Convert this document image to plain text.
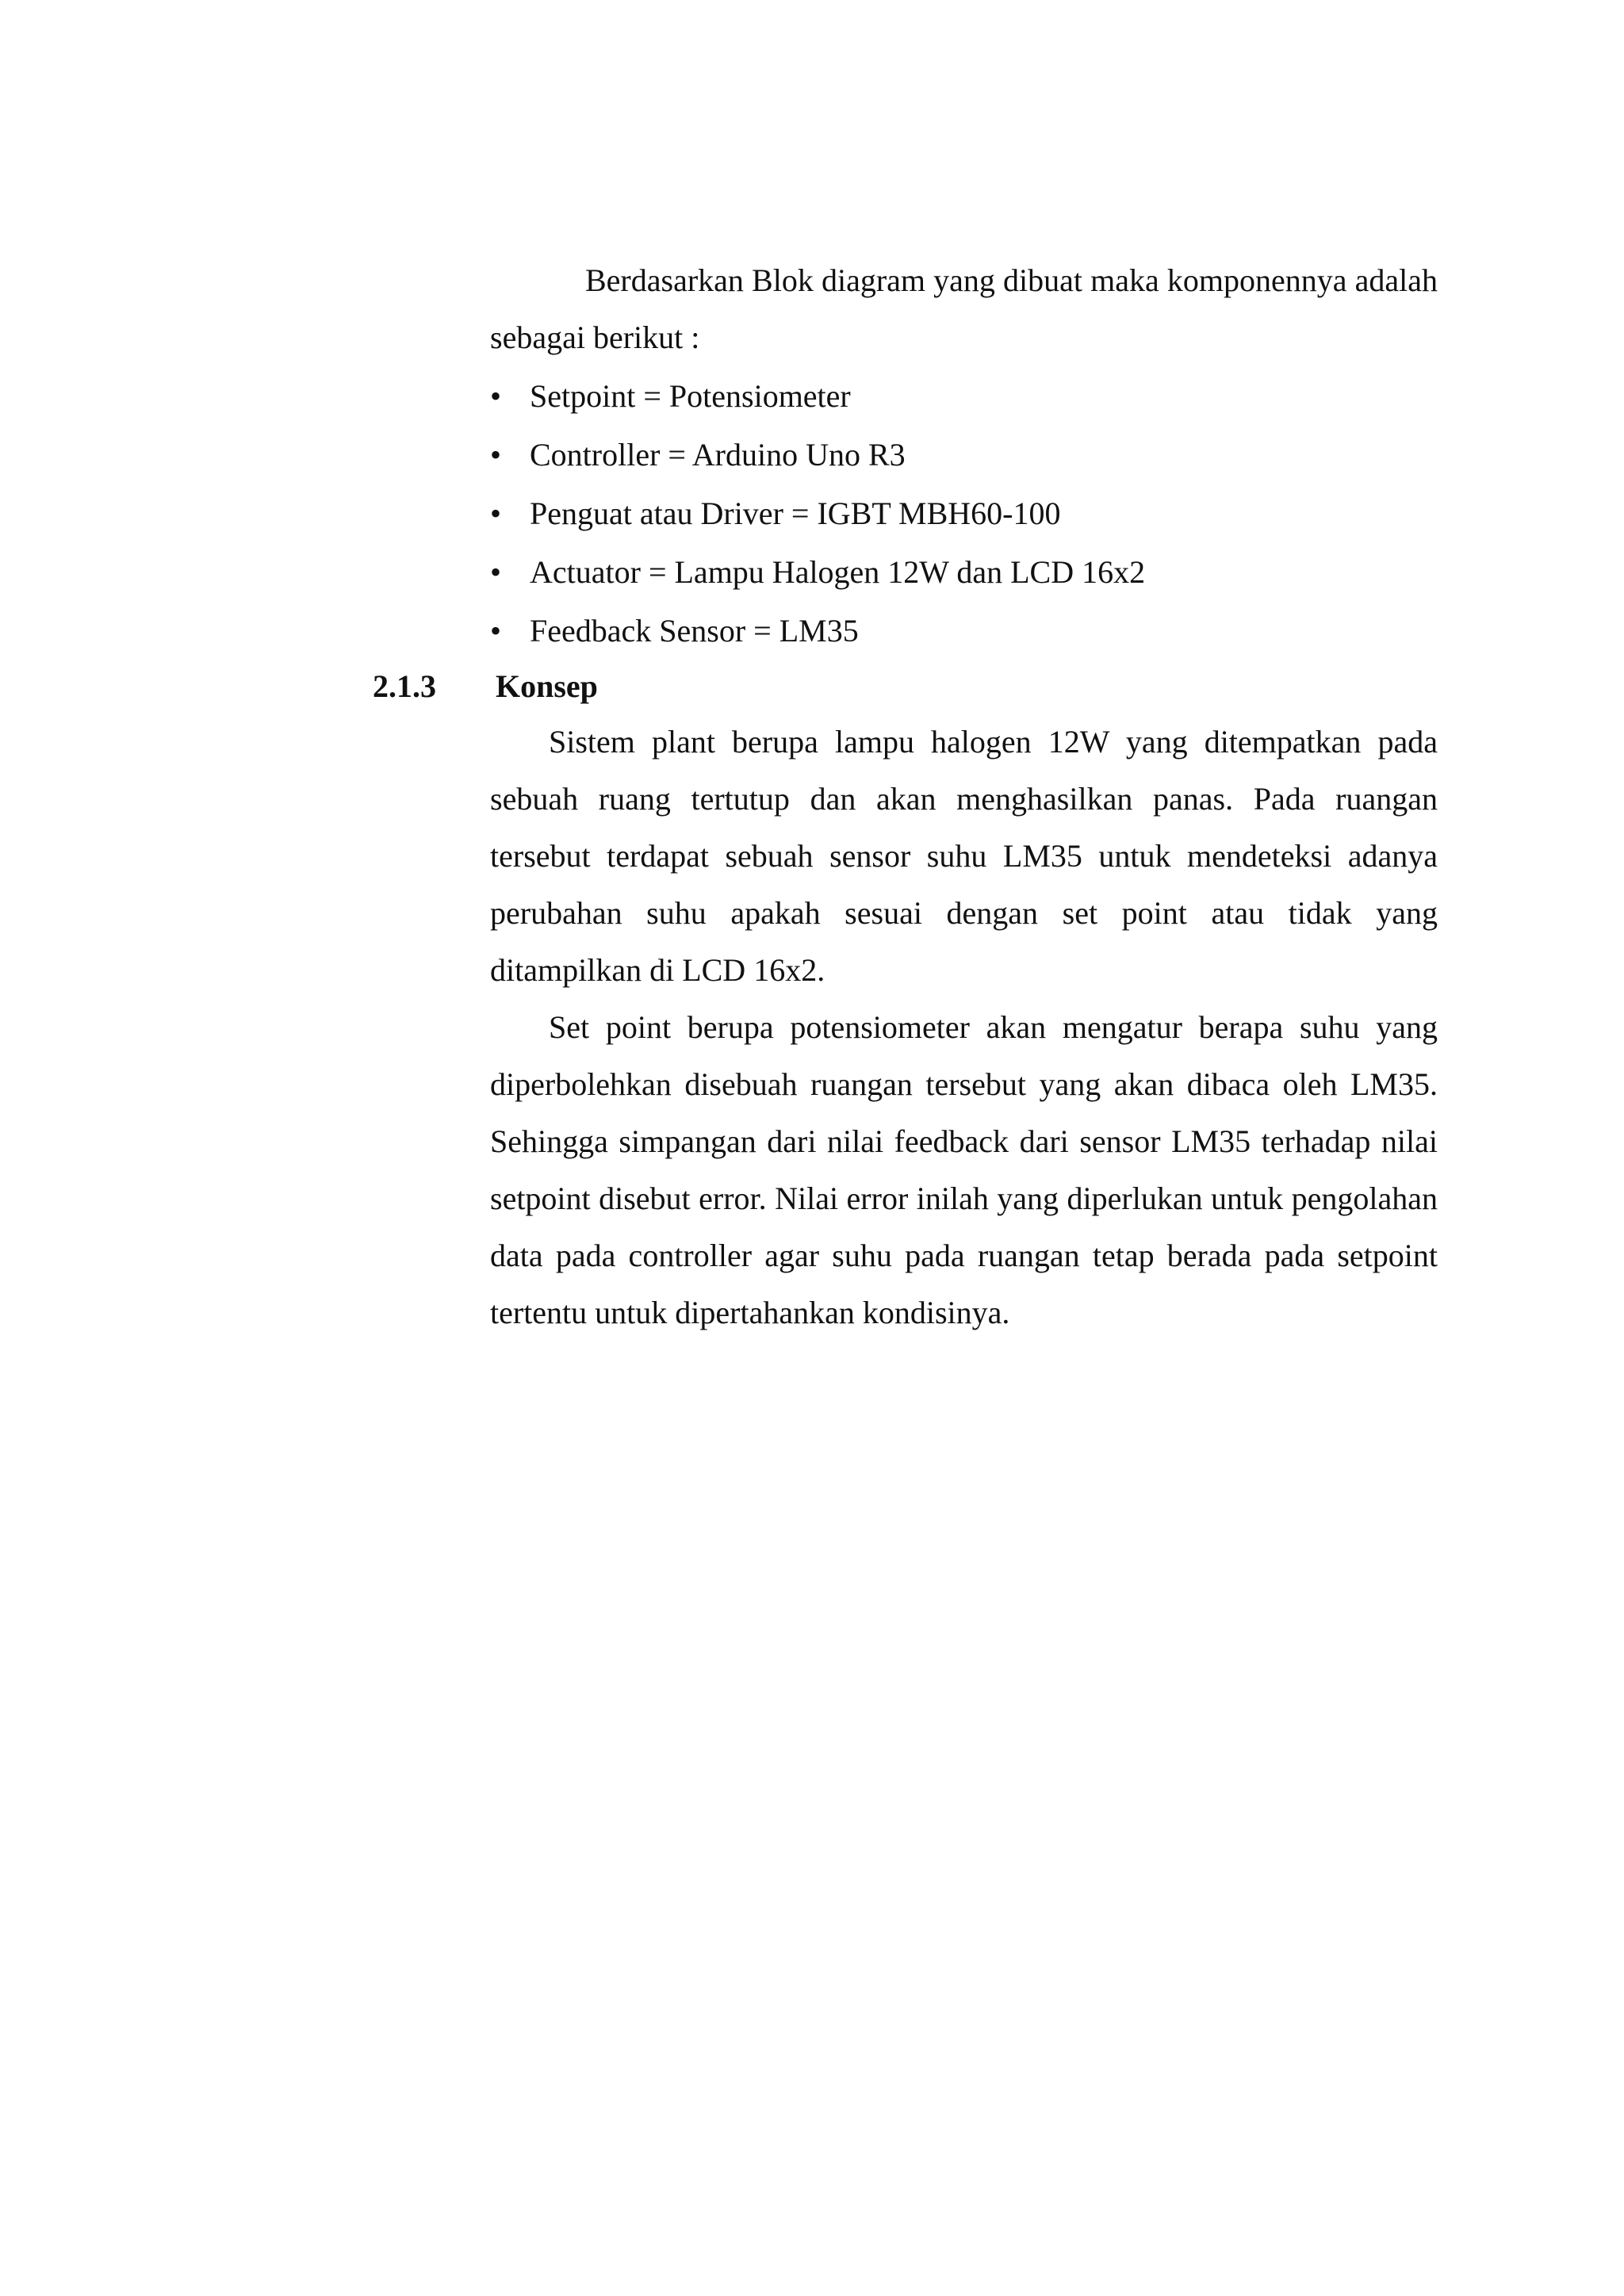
Berdasarkan Blok diagram yang dibuat maka komponennya adalah sebagai berikut :

• Setpoint = Potensiometer
• Controller = Arduino Uno R3
• Penguat atau Driver = IGBT MBH60-100
• Actuator = Lampu Halogen 12W dan LCD 16x2
• Feedback Sensor = LM35
2.1.3 Konsep

Sistem plant berupa lampu halogen 12W yang ditempatkan pada sebuah ruang tertutup dan akan menghasilkan panas. Pada ruangan tersebut terdapat sebuah sensor suhu LM35 untuk mendeteksi adanya perubahan suhu apakah sesuai dengan set point atau tidak yang ditampilkan di LCD 16x2.

Set point berupa potensiometer akan mengatur berapa suhu yang diperbolehkan disebuah ruangan tersebut yang akan dibaca oleh LM35. Sehingga simpangan dari nilai feedback dari sensor LM35 terhadap nilai setpoint disebut error. Nilai error inilah yang diperlukan untuk pengolahan data pada controller agar suhu pada ruangan tetap berada pada setpoint tertentu untuk dipertahankan kondisinya.
